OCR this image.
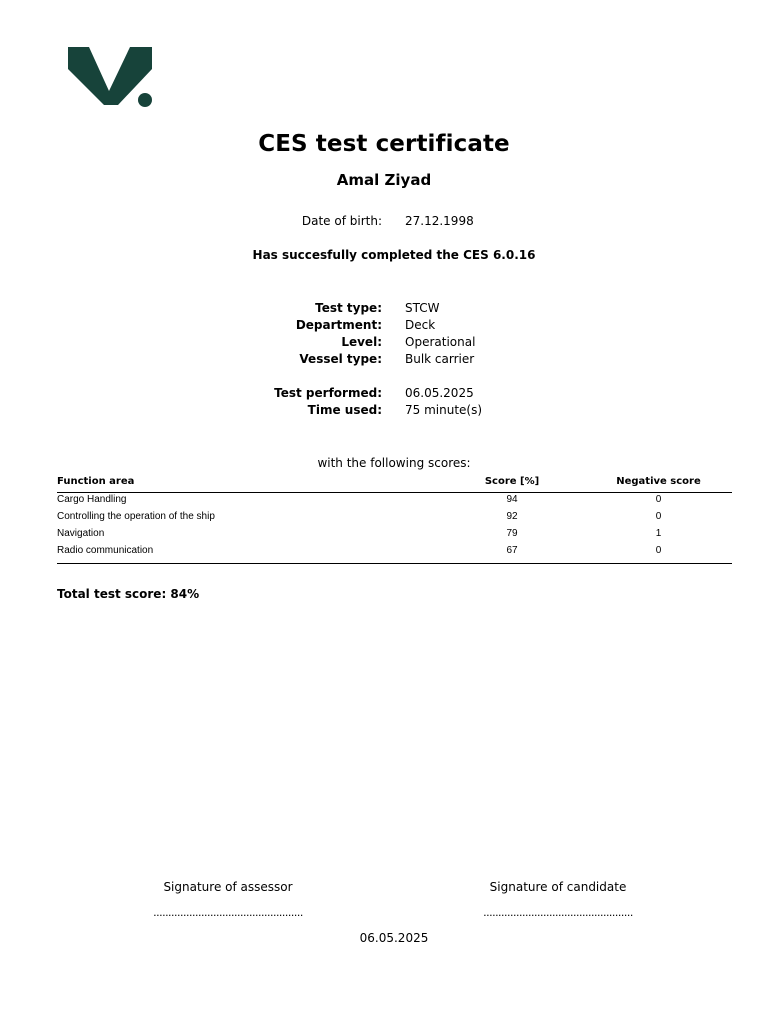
CES test certificate
Amal Ziyad
Date of birth: 27.12.1998
Has succesfully completed the CES 6.0.16
Test type: STCW
Department: Deck
Level: Operational
Vessel type: Bulk carrier
Test performed: 06.05.2025
Time used: 75 minute(s)
with the following scores:
Function area	Score [%]	Negative score
Cargo Handling	94	0
Controlling the operation of the ship	92	0
Navigation	79	1
Radio communication	67	0
Total test score: 84%
Signature of assessor	Signature of candidate
..................................................	..................................................
06.05.2025
